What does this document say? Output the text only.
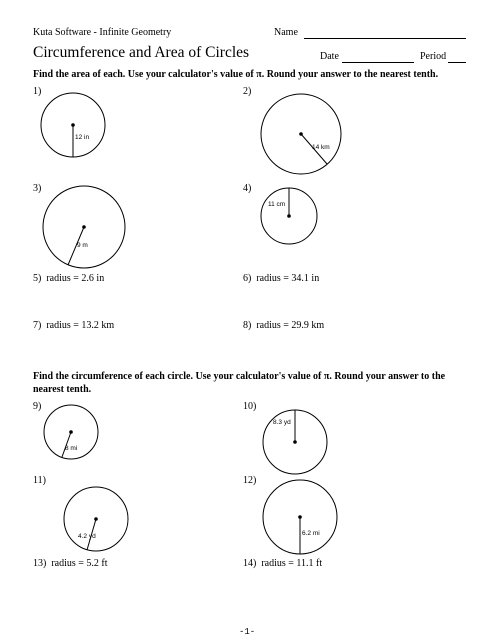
Kuta Software - Infinite Geometry	Name
Circumference and Area of Circles	Date	Period
Find the area of each. Use your calculator's value of π. Round your answer to the nearest tenth.
1)
12 in
2)
14 km
3)
9 m
4)
11 cm
5) radius = 2.6 in	6) radius = 34.1 in
7) radius = 13.2 km	8) radius = 29.9 km
Find the circumference of each circle. Use your calculator's value of π. Round your answer to the nearest tenth.
9)
8 mi
10)
8.3 yd
11)
4.2 yd
12)
6.2 mi
13) radius = 5.2 ft	14) radius = 11.1 ft
-1-
